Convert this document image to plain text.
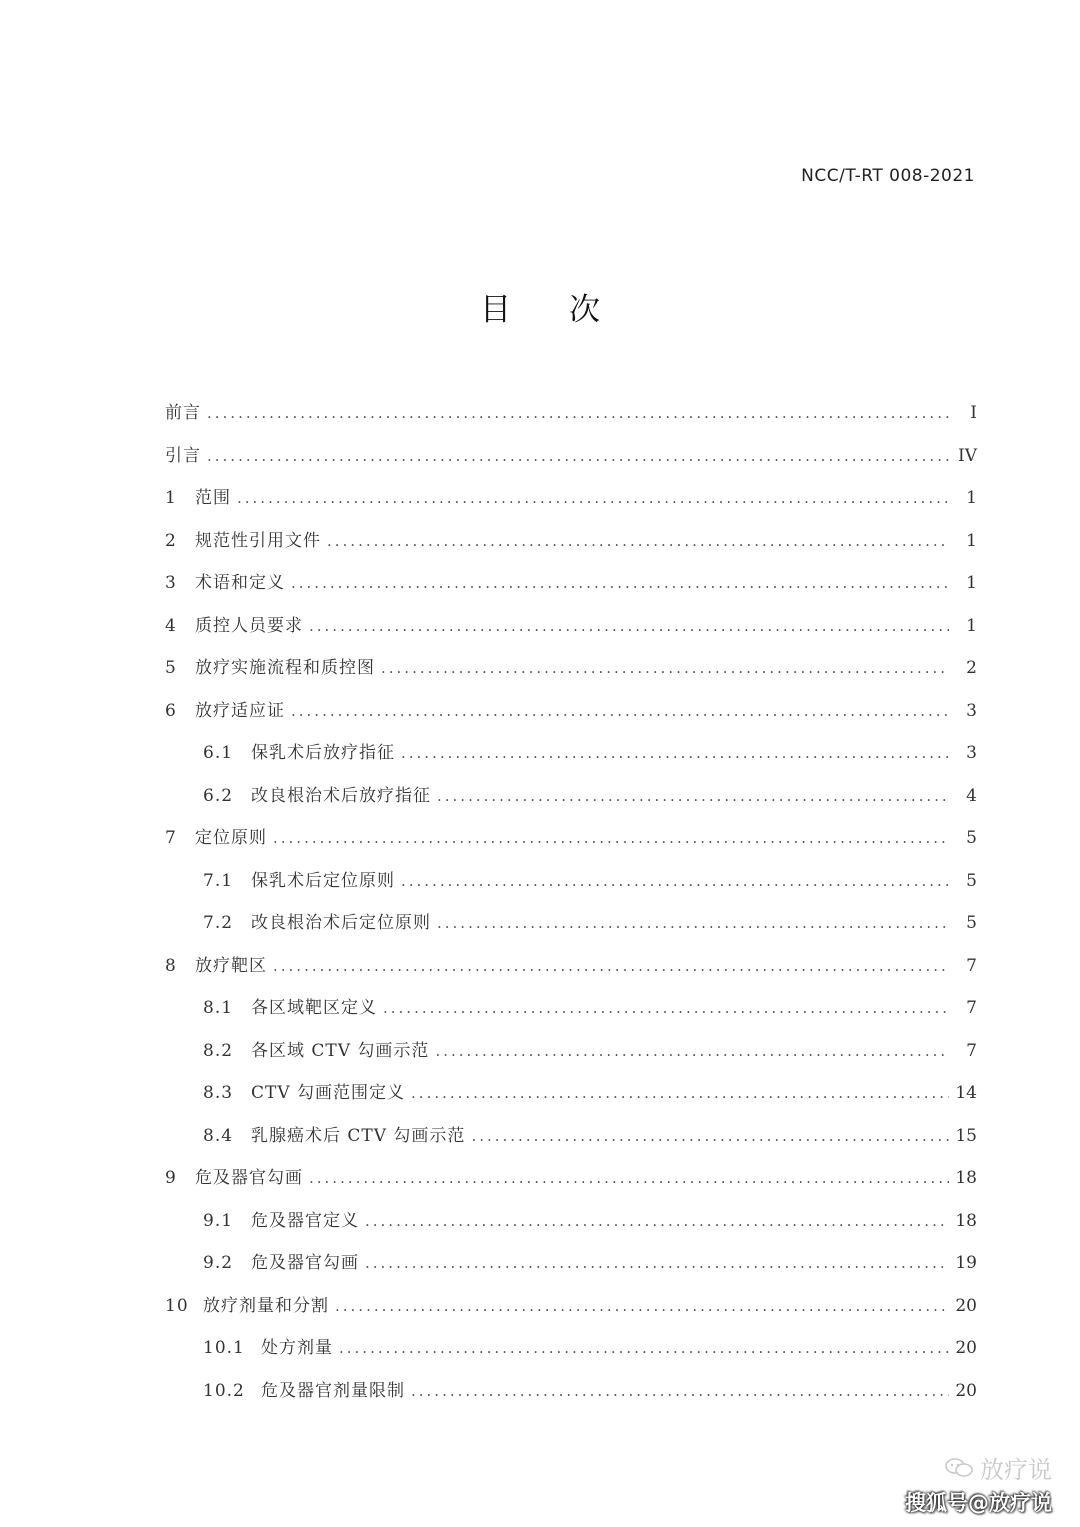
NCC/T-RT 008-2021
目次
前言 .....	I
引言 .....	IV
1	范围 .....	1
2	规范性引用文件 .....	1
3	术语和定义 .....	1
4	质控人员要求 .....	1
5	放疗实施流程和质控图 .....	2
6	放疗适应证 .....	3
6.1	保乳术后放疗指征 .....	3
6.2	改良根治术后放疗指征 .....	4
7	定位原则 .....	5
7.1	保乳术后定位原则 .....	5
7.2	改良根治术后定位原则 .....	5
8	放疗靶区 .....	7
8.1	各区域靶区定义 .....	7
8.2	各区域 CTV 勾画示范 .....	7
8.3	CTV 勾画范围定义 .....	14
8.4	乳腺癌术后 CTV 勾画示范 .....	15
9	危及器官勾画 .....	18
9.1	危及器官定义 .....	18
9.2	危及器官勾画 .....	19
10 放疗剂量和分割 .....	20
10.1 处方剂量 .....	20
10.2 危及器官剂量限制 .....	20
放疗说
搜狐号@放疗说
